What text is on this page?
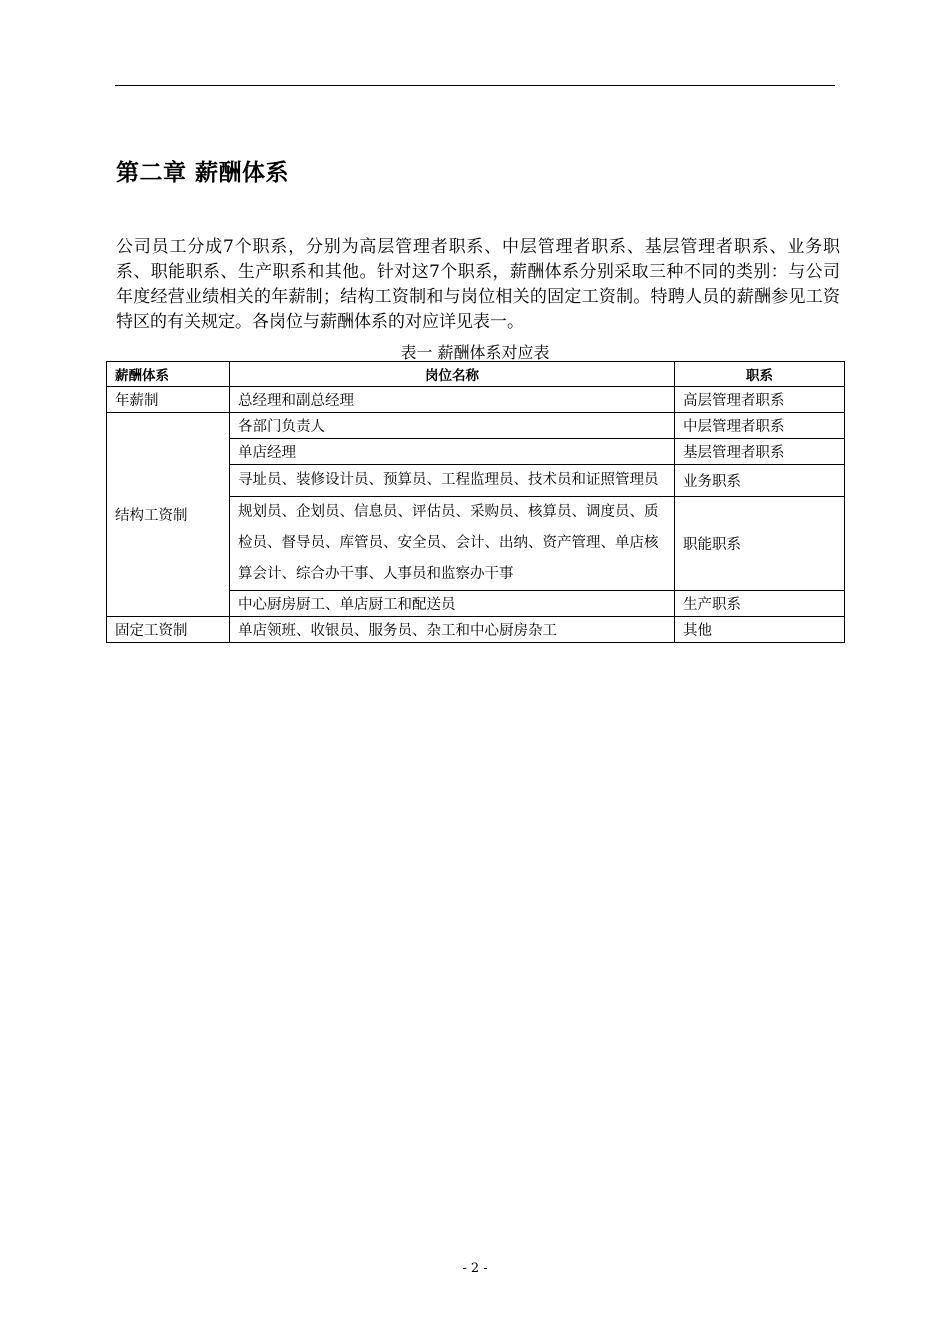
第二章 薪酬体系

公司员工分成7个职系，分别为高层管理者职系、中层管理者职系、基层管理者职系、业务职系、职能职系、生产职系和其他。针对这7个职系，薪酬体系分别采取三种不同的类别：与公司年度经营业绩相关的年薪制；结构工资制和与岗位相关的固定工资制。特聘人员的薪酬参见工资特区的有关规定。各岗位与薪酬体系的对应详见表一。

表一 薪酬体系对应表
薪酬体系	岗位名称	职系
年薪制	总经理和副总经理	高层管理者职系
结构工资制	各部门负责人	中层管理者职系
	单店经理	基层管理者职系
	寻址员、装修设计员、预算员、工程监理员、技术员和证照管理员	业务职系
	规划员、企划员、信息员、评估员、采购员、核算员、调度员、质检员、督导员、库管员、安全员、会计、出纳、资产管理、单店核算会计、综合办干事、人事员和监察办干事	职能职系
	中心厨房厨工、单店厨工和配送员	生产职系
固定工资制	单店领班、收银员、服务员、杂工和中心厨房杂工	其他
- 2 -
